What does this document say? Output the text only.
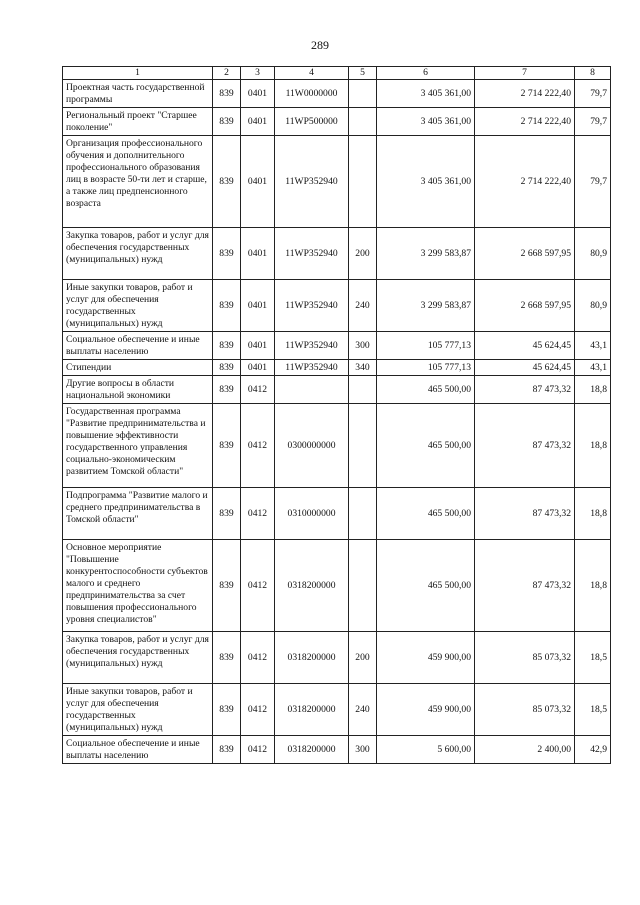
289
1	2	3	4	5	6	7	8
Проектная часть государственной программы	839	0401	11W0000000		3 405 361,00	2 714 222,40	79,7
Региональный проект "Старшее поколение"	839	0401	11WP500000		3 405 361,00	2 714 222,40	79,7
Организация профессионального обучения и дополнительного профессионального образования лиц в возрасте 50-ти лет и старше, а также лиц предпенсионного возраста	839	0401	11WP352940		3 405 361,00	2 714 222,40	79,7
Закупка товаров, работ и услуг для обеспечения государственных (муниципальных) нужд	839	0401	11WP352940	200	3 299 583,87	2 668 597,95	80,9
Иные закупки товаров, работ и услуг для обеспечения государственных (муниципальных) нужд	839	0401	11WP352940	240	3 299 583,87	2 668 597,95	80,9
Социальное обеспечение и иные выплаты населению	839	0401	11WP352940	300	105 777,13	45 624,45	43,1
Стипендии	839	0401	11WP352940	340	105 777,13	45 624,45	43,1
Другие вопросы в области национальной экономики	839	0412			465 500,00	87 473,32	18,8
Государственная программа "Развитие предпринимательства и повышение эффективности государственного управления социально-экономическим развитием Томской области"	839	0412	0300000000		465 500,00	87 473,32	18,8
Подпрограмма "Развитие малого и среднего предпринимательства в Томской области"	839	0412	0310000000		465 500,00	87 473,32	18,8
Основное мероприятие "Повышение конкурентоспособности субъектов малого и среднего предпринимательства за счет повышения профессионального уровня специалистов"	839	0412	0318200000		465 500,00	87 473,32	18,8
Закупка товаров, работ и услуг для обеспечения государственных (муниципальных) нужд	839	0412	0318200000	200	459 900,00	85 073,32	18,5
Иные закупки товаров, работ и услуг для обеспечения государственных (муниципальных) нужд	839	0412	0318200000	240	459 900,00	85 073,32	18,5
Социальное обеспечение и иные выплаты населению	839	0412	0318200000	300	5 600,00	2 400,00	42,9
